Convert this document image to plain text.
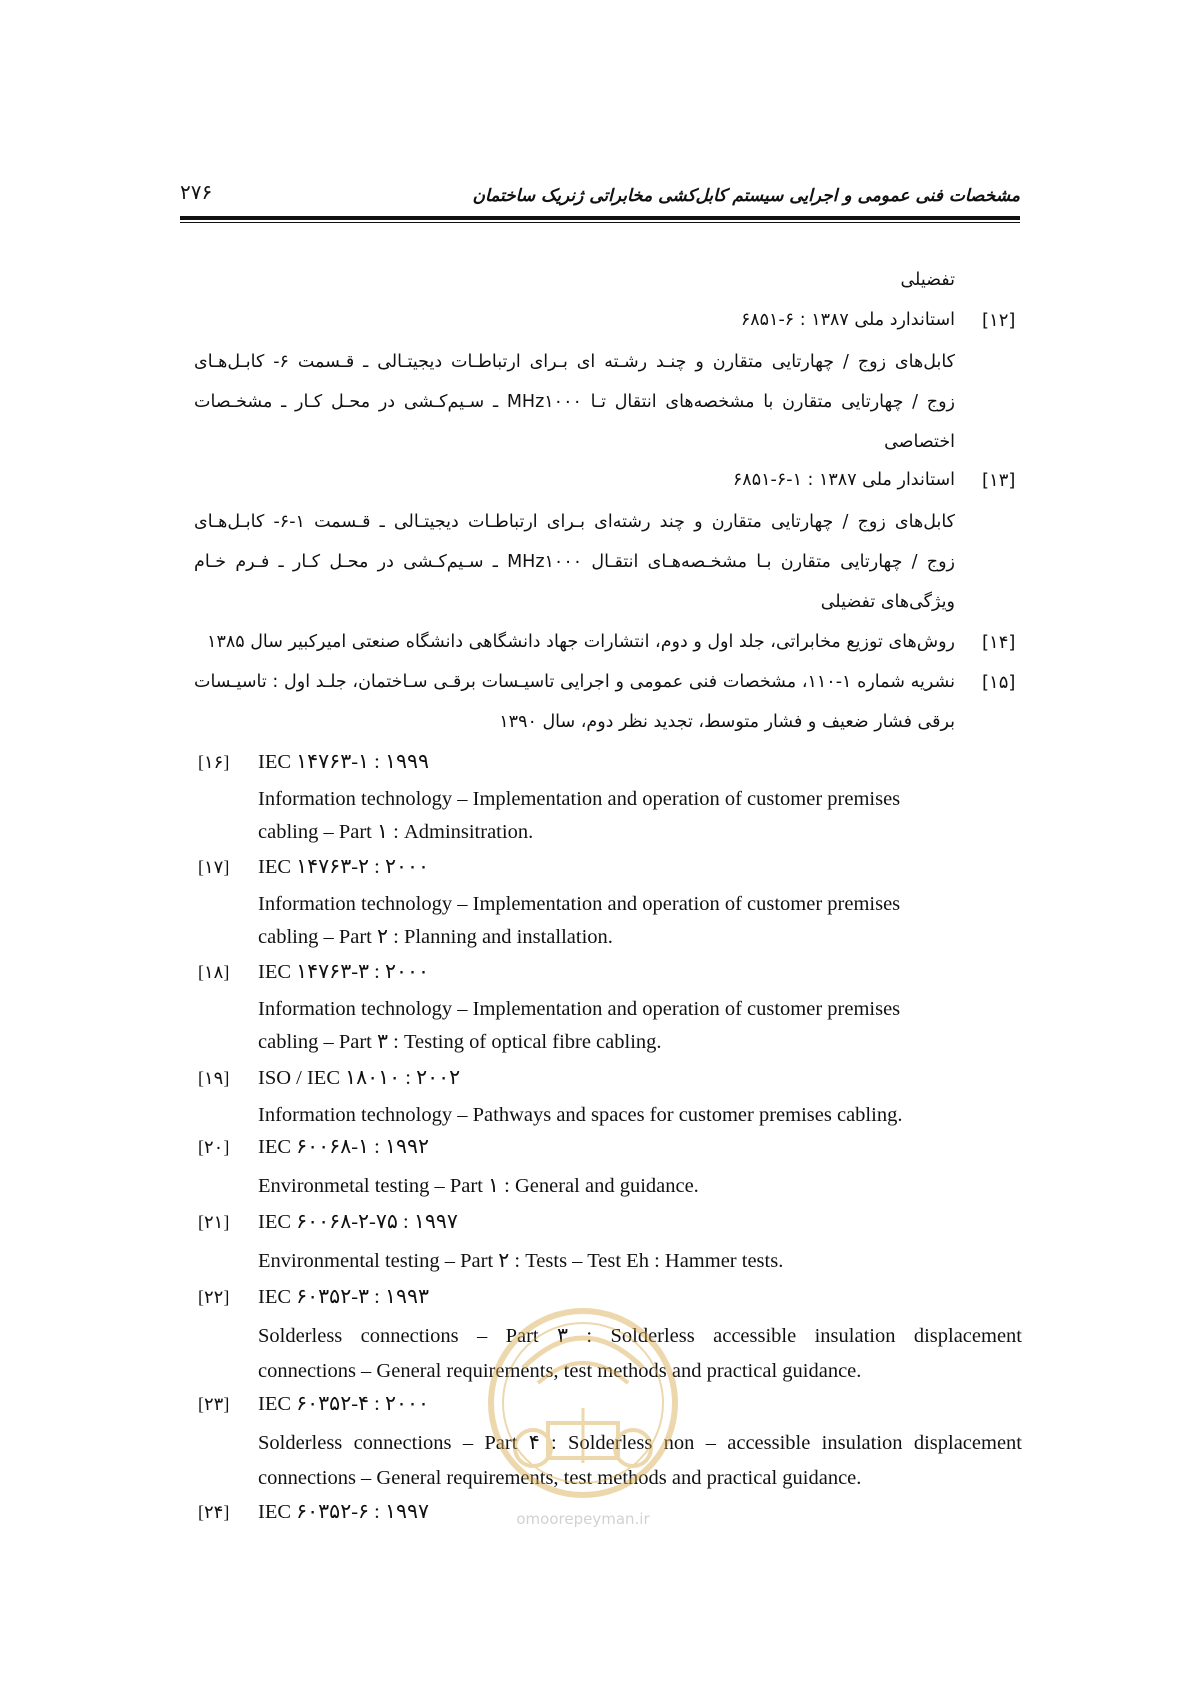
۲۷۶	مشخصات فنی عمومی و اجرایی سیستم کابل‌کشی مخابراتی ژنریک ساختمان
تفضیلی
[۱۲]
استاندارد ملی ۱۳۸۷ : ۶-۶۸۵۱
کابل‌های زوج / چهارتایی متقارن و چنـد رشـته ای بـرای ارتباطـات دیجیتـالی ـ قـسمت ۶- کابـل‌هـای
زوج / چهارتایی متقارن با مشخصه‌های انتقال تـا MHz۱۰۰۰ ـ سـیم‌کـشی در محـل کـار ـ مشخـصات
اختصاصی
[۱۳]
استاندار ملی ۱۳۸۷ : ۱-۶-۶۸۵۱
کابل‌های زوج / چهارتایی متقارن و چند رشته‌ای بـرای ارتباطـات دیجیتـالی ـ قـسمت ۱-۶- کابـل‌هـای
زوج / چهارتایی متقارن بـا مشخـصه‌هـای انتقـال MHz۱۰۰۰ ـ سـیم‌کـشی در محـل کـار ـ فـرم خـام
ویژگی‌های تفضیلی
[۱۴]
روش‌های توزیع مخابراتی، جلد اول و دوم، انتشارات جهاد دانشگاهی دانشگاه صنعتی امیرکبیر سال ۱۳۸۵
[۱۵]
نشریه شماره ۱-۱۱۰، مشخصات فنی عمومی و اجرایی تاسیـسات برقـی سـاختمان، جلـد اول : تاسیـسات
برقی فشار ضعیف و فشار متوسط، تجدید نظر دوم، سال ۱۳۹۰
[۱۶] IEC ۱۴۷۶۳-۱ : ۱۹۹۹
Information technology – Implementation and operation of customer premises
cabling – Part ۱ : Adminsitration.
[۱۷] IEC ۱۴۷۶۳-۲ : ۲۰۰۰
Information technology – Implementation and operation of customer premises
cabling – Part ۲ : Planning and installation.
[۱۸] IEC ۱۴۷۶۳-۳ : ۲۰۰۰
Information technology – Implementation and operation of customer premises
cabling – Part ۳ : Testing of optical fibre cabling.
[۱۹] ISO / IEC ۱۸۰۱۰ : ۲۰۰۲
Information technology – Pathways and spaces for customer premises cabling.
[۲۰] IEC ۶۰۰۶۸-۱ : ۱۹۹۲
Environmetal testing – Part ۱ : General and guidance.
[۲۱] IEC ۶۰۰۶۸-۲-۷۵ : ۱۹۹۷
Environmental testing – Part ۲ : Tests – Test Eh : Hammer tests.
[۲۲] IEC ۶۰۳۵۲-۳ : ۱۹۹۳
Solderless connections – Part ۳ : Solderless accessible insulation displacement
connections – General requirements, test methods and practical guidance.
[۲۳] IEC ۶۰۳۵۲-۴ : ۲۰۰۰
Solderless connections – Part ۴ : Solderless non – accessible insulation displacement
connections – General requirements, test methods and practical guidance.
[۲۴] IEC ۶۰۳۵۲-۶ : ۱۹۹۷	omoorepeyman.ir
